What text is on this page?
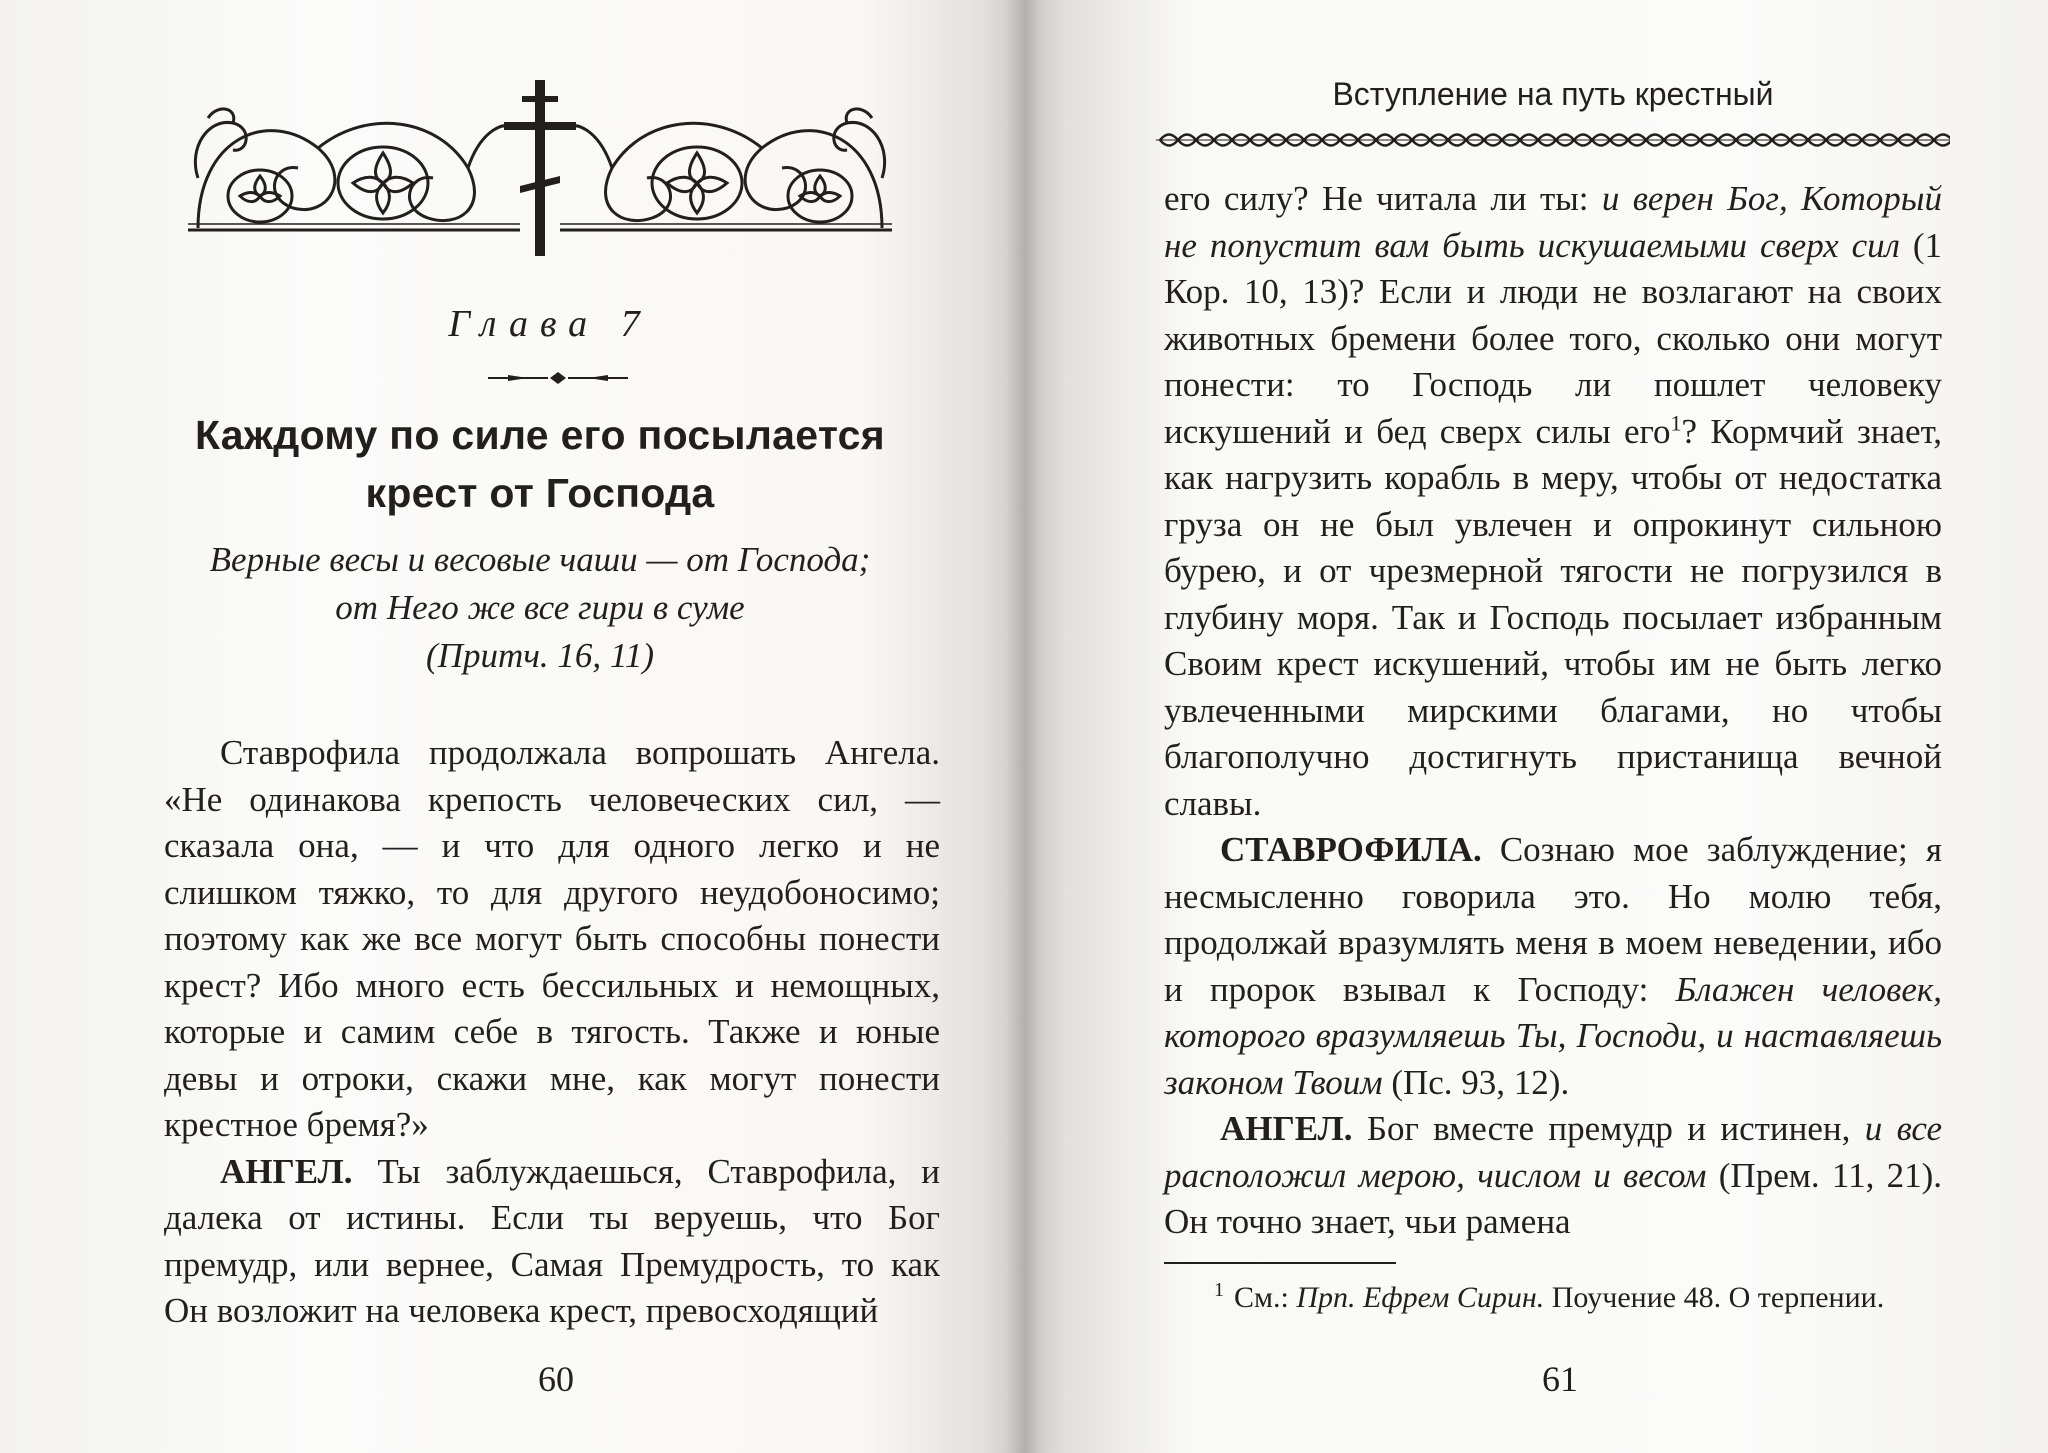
Глава 7
Каждому по силе его посылается
крест от Господа
Верные весы и весовые чаши — от Господа;
от Него же все гири в суме
(Притч. 16, 11)

Ставрофила продолжала вопрошать Ангела. «Не одинакова крепость человеческих сил, — сказала она, — и что для одного легко и не слишком тяжко, то для другого неудобоносимо; поэтому как же все могут быть способны понести крест? Ибо много есть бессильных и немощных, которые и самим себе в тягость. Также и юные девы и отроки, скажи мне, как могут понести крестное бремя?»

АНГЕЛ. Ты заблуждаешься, Ставрофила, и далека от истины. Если ты веруешь, что Бог премудр, или вернее, Самая Премудрость, то как Он возложит на человека крест, превосходящий

60
Вступление на путь крестный

его силу? Не читала ли ты: и верен Бог, Который не попустит вам быть искушаемыми сверх сил (1 Кор. 10, 13)? Если и люди не возлагают на своих животных бремени более того, сколько они могут понести: то Господь ли пошлет человеку искушений и бед сверх силы его$^1$? Кормчий знает, как нагрузить корабль в меру, чтобы от недостатка груза он не был увлечен и опрокинут сильною бурею, и от чрезмерной тягости не погрузился в глубину моря. Так и Господь посылает избранным Своим крест искушений, чтобы им не быть легко увлеченными мирскими благами, но чтобы благополучно достигнуть пристанища вечной славы.

СТАВРОФИЛА. Сознаю мое заблуждение; я несмысленно говорила это. Но молю тебя, продолжай вразумлять меня в моем неведении, ибо и пророк взывал к Господу: Блажен человек, которого вразумляешь Ты, Господи, и наставляешь законом Твоим (Пс. 93, 12).

АНГЕЛ. Бог вместе премудр и истинен, и все расположил мерою, числом и весом (Прем. 11, 21). Он точно знает, чьи рамена

$^1$ См.: Прп. Ефрем Сирин. Поучение 48. О терпении.
61
